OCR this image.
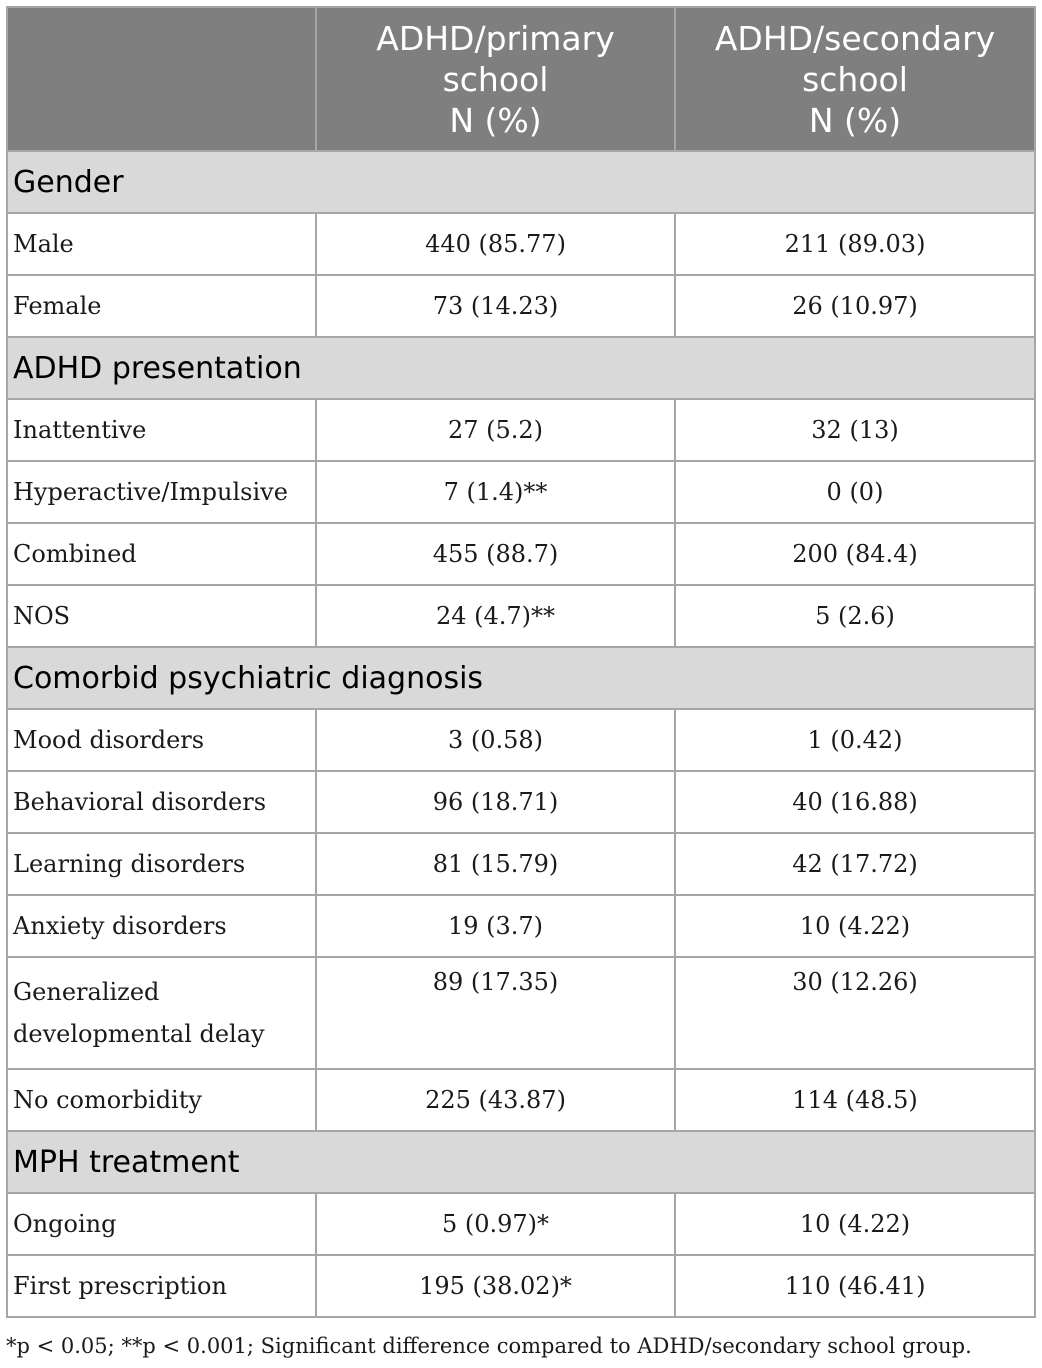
	ADHD/primary
school
N (%)	ADHD/secondary
school
N (%)

Gender		
Male	440 (85.77)	211 (89.03)
Female	73 (14.23)	26 (10.97)
ADHD presentation		
Inattentive	27 (5.2)	32 (13)
Hyperactive/Impulsive	7 (1.4)**	0 (0)
Combined	455 (88.7)	200 (84.4)
NOS	24 (4.7)**	5 (2.6)
Comorbid psychiatric diagnosis		
Mood disorders	3 (0.58)	1 (0.42)
Behavioral disorders	96 (18.71)	40 (16.88)
Learning disorders	81 (15.79)	42 (17.72)
Anxiety disorders	19 (3.7)	10 (4.22)
Generalized
developmental delay	89 (17.35)	30 (12.26)
No comorbidity	225 (43.87)	114 (48.5)
MPH treatment		
Ongoing	5 (0.97)*	10 (4.22)
First prescription	195 (38.02)*	110 (46.41)
*p < 0.05; **p < 0.001; Significant difference compared to ADHD/secondary school group.
